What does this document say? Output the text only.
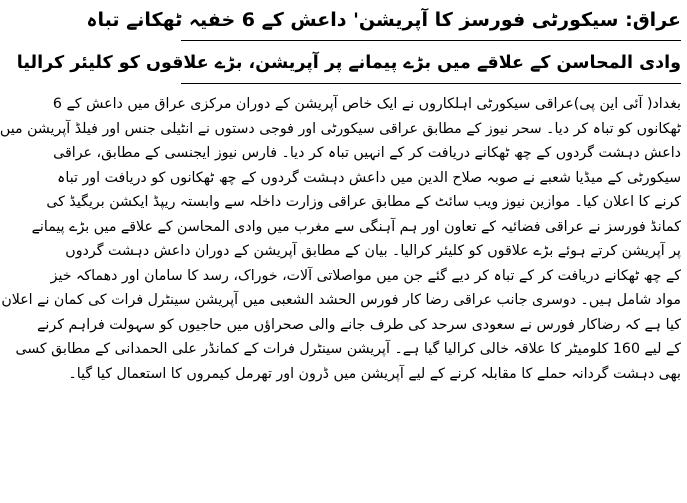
عراق: سیکورٹی فورسز کا آپریشن' داعش کے 6 خفیہ ٹھکانے تباہ
وادی المحاسن کے علاقے میں بڑے پیمانے پر آپریشن، بڑے علاقوں کو کلیئر کرالیا
بغداد( آئی این پی)عراقی سیکورٹی اہلکاروں نے ایک خاص آپریشن کے دوران مرکزی عراق میں داعش کے 6
ٹھکانوں کو تباہ کر دیا۔ سحر نیوز کے مطابق عراقی سیکورٹی اور فوجی دستوں نے انٹیلی جنس اور فیلڈ آپریشن میں
داعش دہشت گردوں کے چھ ٹھکانے دریافت کر کے انہیں تباہ کر دیا۔ فارس نیوز ایجنسی کے مطابق، عراقی
سیکورٹی کے میڈیا شعبے نے صوبہ صلاح الدین میں داعش دہشت گردوں کے چھ ٹھکانوں کو دریافت اور تباہ
کرنے کا اعلان کیا۔ موازین نیوز ویب سائٹ کے مطابق عراقی وزارت داخلہ سے وابستہ ریپڈ ایکشن بریگیڈ کی
کمانڈ فورسز نے عراقی فضائیہ کے تعاون اور ہم آہنگی سے مغرب میں وادی المحاسن کے علاقے میں بڑے پیمانے
پر آپریشن کرتے ہوئے بڑے علاقوں کو کلیئر کرالیا۔ بیان کے مطابق آپریشن کے دوران داعش دہشت گردوں
کے چھ ٹھکانے دریافت کر کے تباہ کر دیے گئے جن میں مواصلاتی آلات، خوراک، رسد کا سامان اور دھماکہ خیز
مواد شامل ہیں۔ دوسری جانب عراقی رضا کار فورس الحشد الشعبی میں آپریشن سینٹرل فرات کی کمان نے اعلان
کیا ہے کہ رضاکار فورس نے سعودی سرحد کی طرف جانے والی صحراؤں میں حاجیوں کو سہولت فراہم کرنے
کے لیے 160 کلومیٹر کا علاقہ خالی کرالیا گیا ہے۔ آپریشن سینٹرل فرات کے کمانڈر علی الحمدانی کے مطابق کسی
بھی دہشت گردانہ حملے کا مقابلہ کرنے کے لیے آپریشن میں ڈرون اور تھرمل کیمروں کا استعمال کیا گیا۔
